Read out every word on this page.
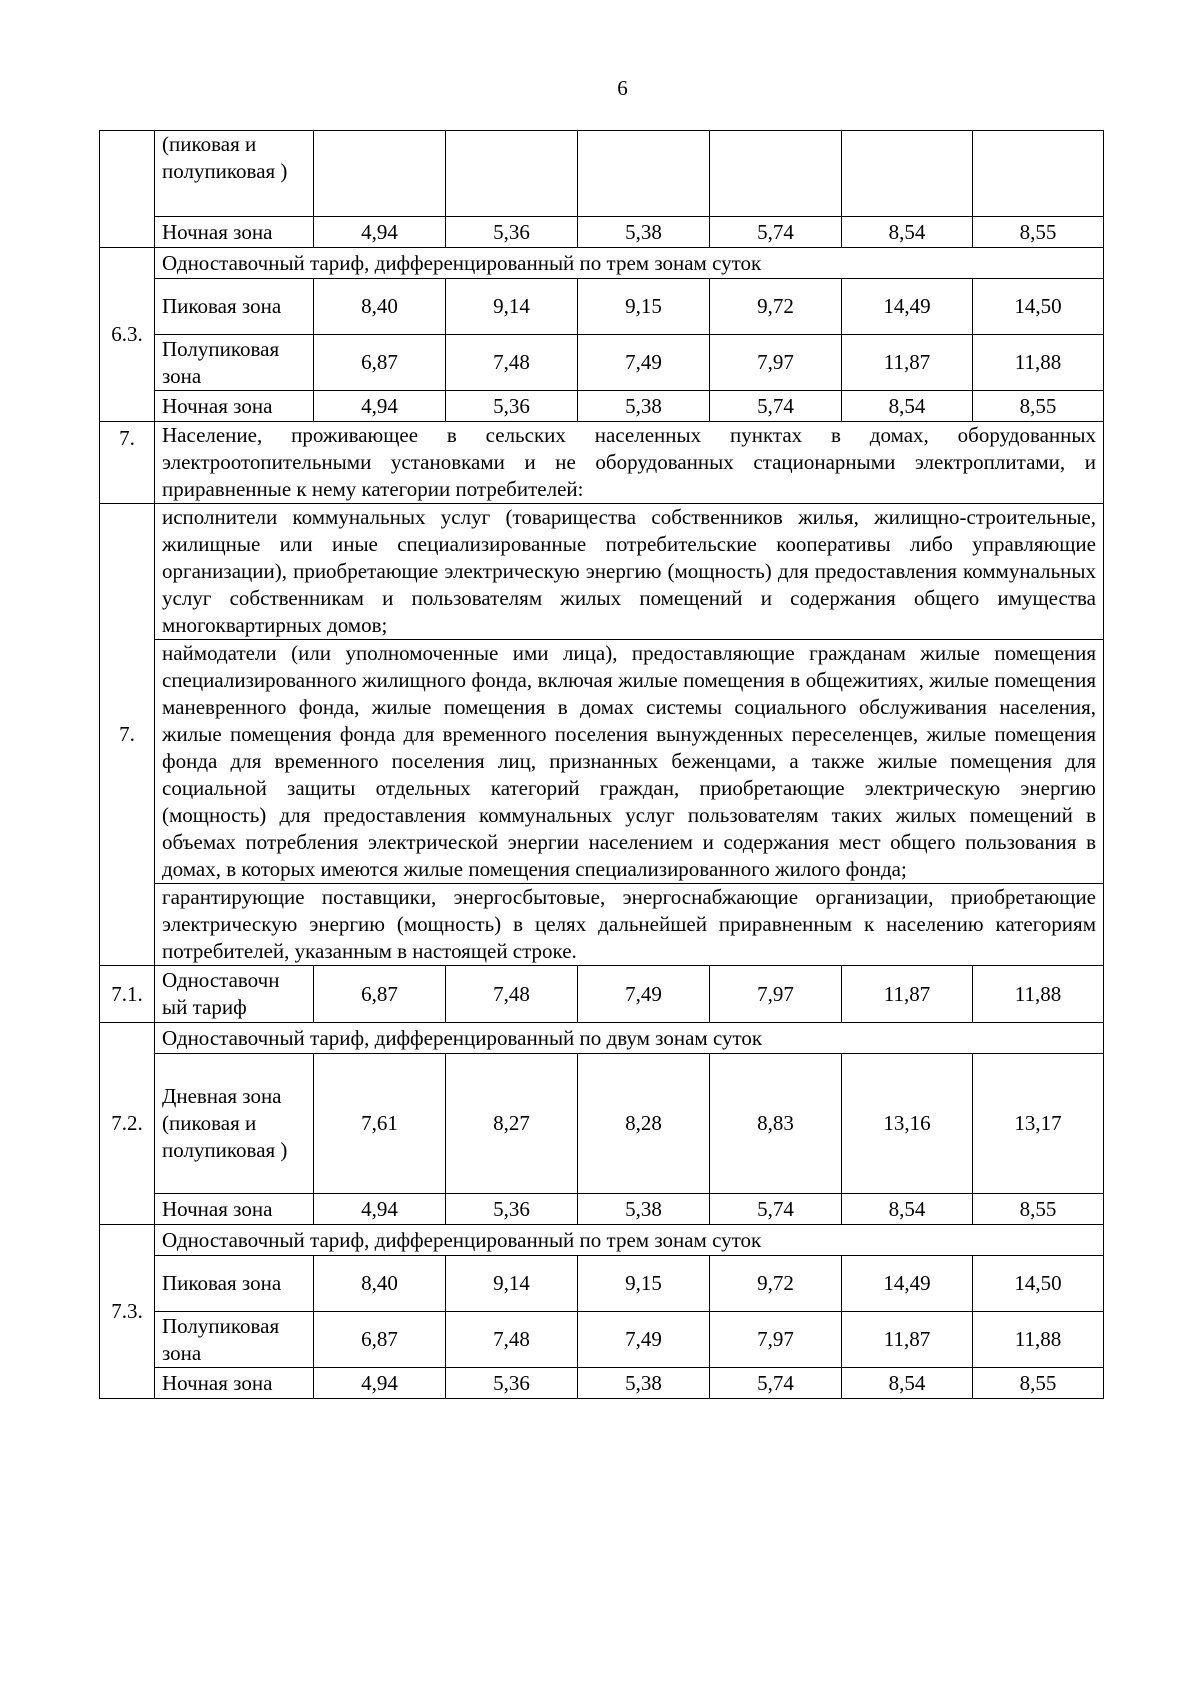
6
	(пиковая и полупиковая )						
	Ночная зона	4,94	5,36	5,38	5,74	8,54	8,55
6.3.	Одноставочный тариф, дифференцированный по трем зонам суток						
	Пиковая зона	8,40	9,14	9,15	9,72	14,49	14,50
	Полупиковая зона	6,87	7,48	7,49	7,97	11,87	11,88
	Ночная зона	4,94	5,36	5,38	5,74	8,54	8,55
7.	Население, проживающее в сельских населенных пунктах в домах, оборудованных электроотопительными установками и не оборудованных стационарными электроплитами, и приравненные к нему категории потребителей:						
7.	исполнители коммунальных услуг (товарищества собственников жилья, жилищно-строительные, жилищные или иные специализированные потребительские кооперативы либо управляющие организации), приобретающие электрическую энергию (мощность) для предоставления коммунальных услуг собственникам и пользователям жилых помещений и содержания общего имущества многоквартирных домов;						
	наймодатели (или уполномоченные ими лица), предоставляющие гражданам жилые помещения специализированного жилищного фонда, включая жилые помещения в общежитиях, жилые помещения маневренного фонда, жилые помещения в домах системы социального обслуживания населения, жилые помещения фонда для временного поселения вынужденных переселенцев, жилые помещения фонда для временного поселения лиц, признанных беженцами, а также жилые помещения для социальной защиты отдельных категорий граждан, приобретающие электрическую энергию (мощность) для предоставления коммунальных услуг пользователям таких жилых помещений в объемах потребления электрической энергии населением и содержания мест общего пользования в домах, в которых имеются жилые помещения специализированного жилого фонда;						
	гарантирующие поставщики, энергосбытовые, энергоснабжающие организации, приобретающие электрическую энергию (мощность) в целях дальнейшей приравненным к населению категориям потребителей, указанным в настоящей строке.						
7.1.	Одноставочн ый тариф	6,87	7,48	7,49	7,97	11,87	11,88
7.2.	Одноставочный тариф, дифференцированный по двум зонам суток						
	Дневная зона (пиковая и полупиковая )	7,61	8,27	8,28	8,83	13,16	13,17
	Ночная зона	4,94	5,36	5,38	5,74	8,54	8,55
7.3.	Одноставочный тариф, дифференцированный по трем зонам суток						
	Пиковая зона	8,40	9,14	9,15	9,72	14,49	14,50
	Полупиковая зона	6,87	7,48	7,49	7,97	11,87	11,88
	Ночная зона	4,94	5,36	5,38	5,74	8,54	8,55
